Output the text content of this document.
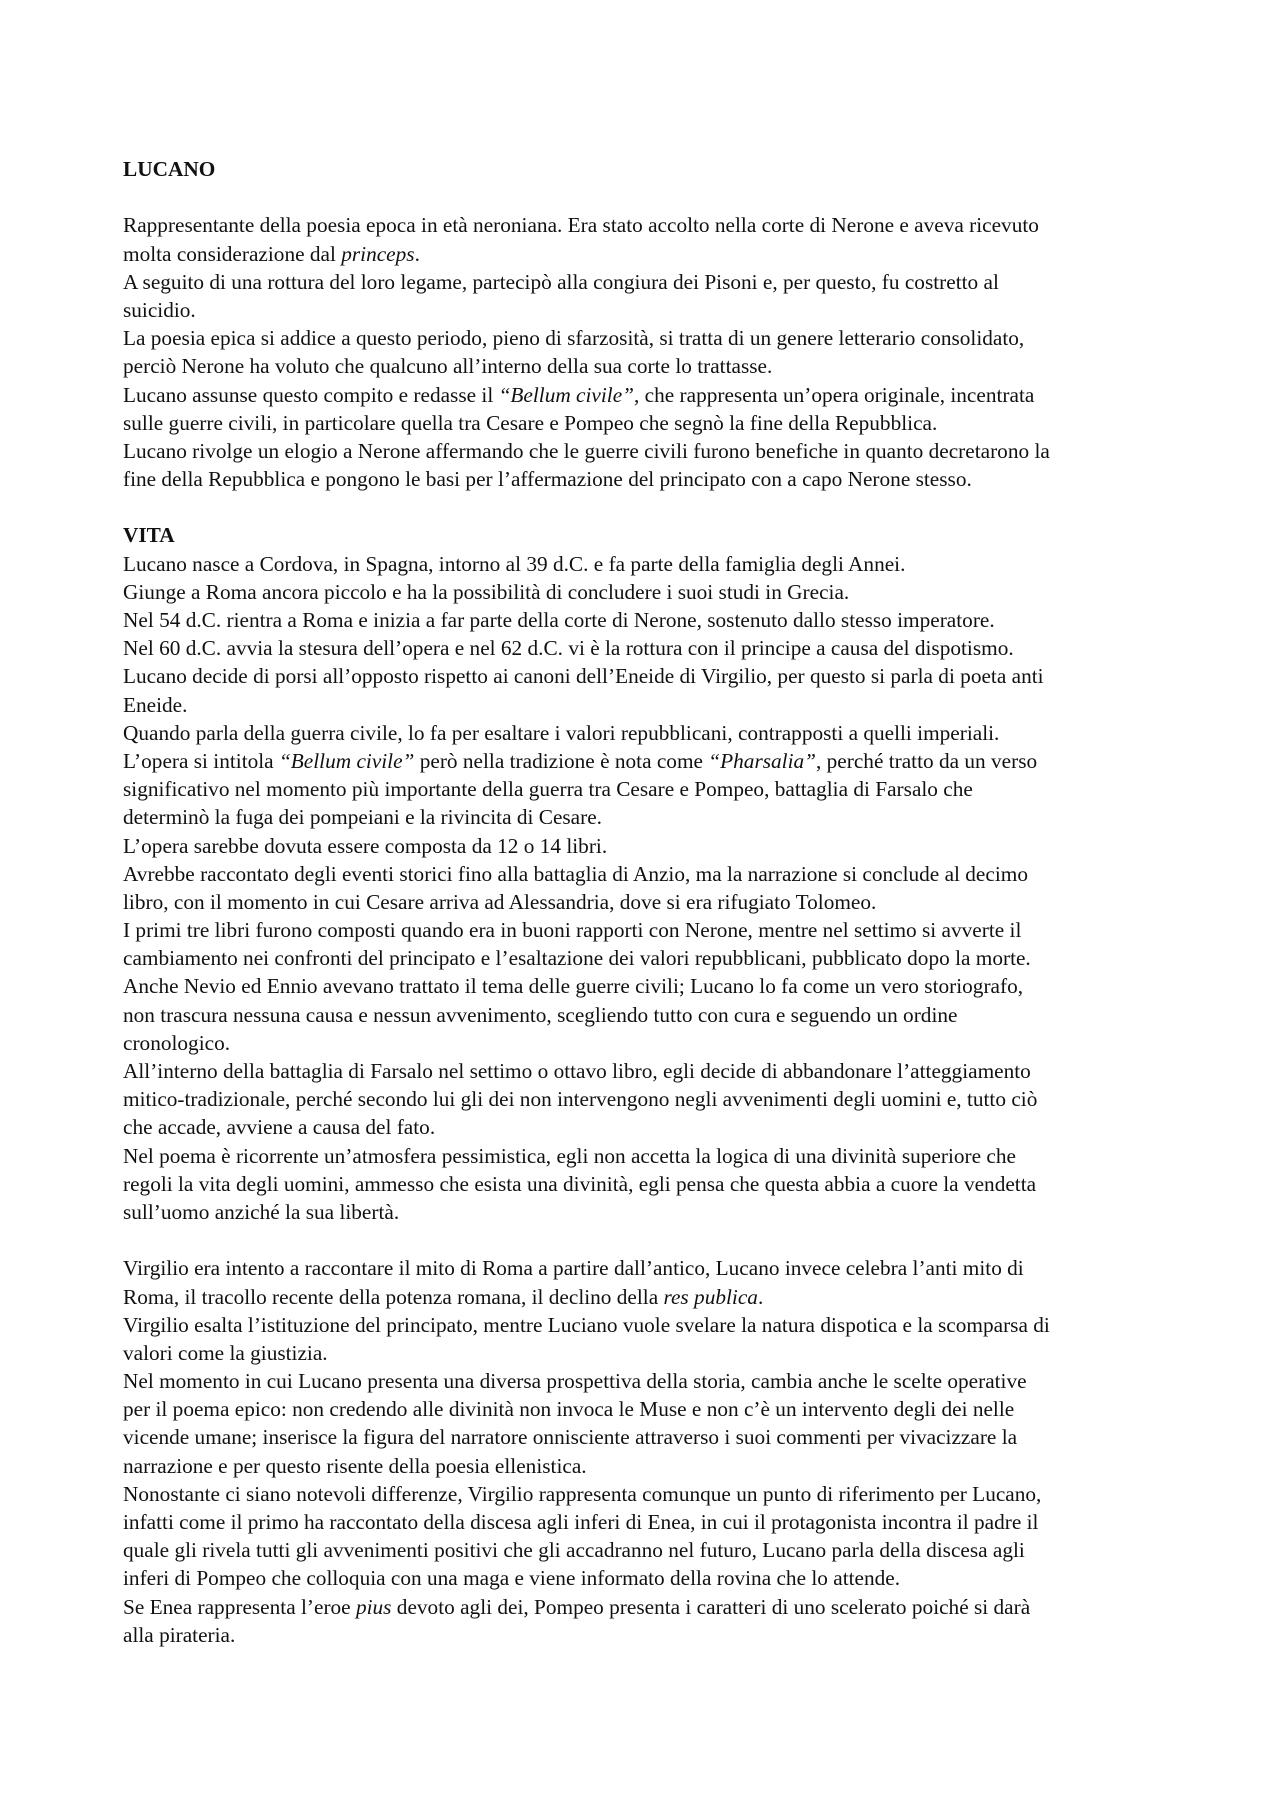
LUCANO

Rappresentante della poesia epoca in età neroniana. Era stato accolto nella corte di Nerone e aveva ricevuto

molta considerazione dal princeps.

A seguito di una rottura del loro legame, partecipò alla congiura dei Pisoni e, per questo, fu costretto al

suicidio.

La poesia epica si addice a questo periodo, pieno di sfarzosità, si tratta di un genere letterario consolidato,

perciò Nerone ha voluto che qualcuno all’interno della sua corte lo trattasse.

Lucano assunse questo compito e redasse il “Bellum civile”, che rappresenta un’opera originale, incentrata

sulle guerre civili, in particolare quella tra Cesare e Pompeo che segnò la fine della Repubblica.

Lucano rivolge un elogio a Nerone affermando che le guerre civili furono benefiche in quanto decretarono la

fine della Repubblica e pongono le basi per l’affermazione del principato con a capo Nerone stesso.

VITA

Lucano nasce a Cordova, in Spagna, intorno al 39 d.C. e fa parte della famiglia degli Annei.

Giunge a Roma ancora piccolo e ha la possibilità di concludere i suoi studi in Grecia.

Nel 54 d.C. rientra a Roma e inizia a far parte della corte di Nerone, sostenuto dallo stesso imperatore.

Nel 60 d.C. avvia la stesura dell’opera e nel 62 d.C. vi è la rottura con il principe a causa del dispotismo.

Lucano decide di porsi all’opposto rispetto ai canoni dell’Eneide di Virgilio, per questo si parla di poeta anti

Eneide.

Quando parla della guerra civile, lo fa per esaltare i valori repubblicani, contrapposti a quelli imperiali.

L’opera si intitola “Bellum civile” però nella tradizione è nota come “Pharsalia”, perché tratto da un verso

significativo nel momento più importante della guerra tra Cesare e Pompeo, battaglia di Farsalo che

determinò la fuga dei pompeiani e la rivincita di Cesare.

L’opera sarebbe dovuta essere composta da 12 o 14 libri.

Avrebbe raccontato degli eventi storici fino alla battaglia di Anzio, ma la narrazione si conclude al decimo

libro, con il momento in cui Cesare arriva ad Alessandria, dove si era rifugiato Tolomeo.

I primi tre libri furono composti quando era in buoni rapporti con Nerone, mentre nel settimo si avverte il

cambiamento nei confronti del principato e l’esaltazione dei valori repubblicani, pubblicato dopo la morte.

Anche Nevio ed Ennio avevano trattato il tema delle guerre civili; Lucano lo fa come un vero storiografo,

non trascura nessuna causa e nessun avvenimento, scegliendo tutto con cura e seguendo un ordine

cronologico.

All’interno della battaglia di Farsalo nel settimo o ottavo libro, egli decide di abbandonare l’atteggiamento

mitico-tradizionale, perché secondo lui gli dei non intervengono negli avvenimenti degli uomini e, tutto ciò

che accade, avviene a causa del fato.

Nel poema è ricorrente un’atmosfera pessimistica, egli non accetta la logica di una divinità superiore che

regoli la vita degli uomini, ammesso che esista una divinità, egli pensa che questa abbia a cuore la vendetta

sull’uomo anziché la sua libertà.

Virgilio era intento a raccontare il mito di Roma a partire dall’antico, Lucano invece celebra l’anti mito di

Roma, il tracollo recente della potenza romana, il declino della res publica.

Virgilio esalta l’istituzione del principato, mentre Luciano vuole svelare la natura dispotica e la scomparsa di

valori come la giustizia.

Nel momento in cui Lucano presenta una diversa prospettiva della storia, cambia anche le scelte operative

per il poema epico: non credendo alle divinità non invoca le Muse e non c’è un intervento degli dei nelle

vicende umane; inserisce la figura del narratore onnisciente attraverso i suoi commenti per vivacizzare la

narrazione e per questo risente della poesia ellenistica.

Nonostante ci siano notevoli differenze, Virgilio rappresenta comunque un punto di riferimento per Lucano,

infatti come il primo ha raccontato della discesa agli inferi di Enea, in cui il protagonista incontra il padre il

quale gli rivela tutti gli avvenimenti positivi che gli accadranno nel futuro, Lucano parla della discesa agli

inferi di Pompeo che colloquia con una maga e viene informato della rovina che lo attende.

Se Enea rappresenta l’eroe pius devoto agli dei, Pompeo presenta i caratteri di uno scelerato poiché si darà

alla pirateria.
